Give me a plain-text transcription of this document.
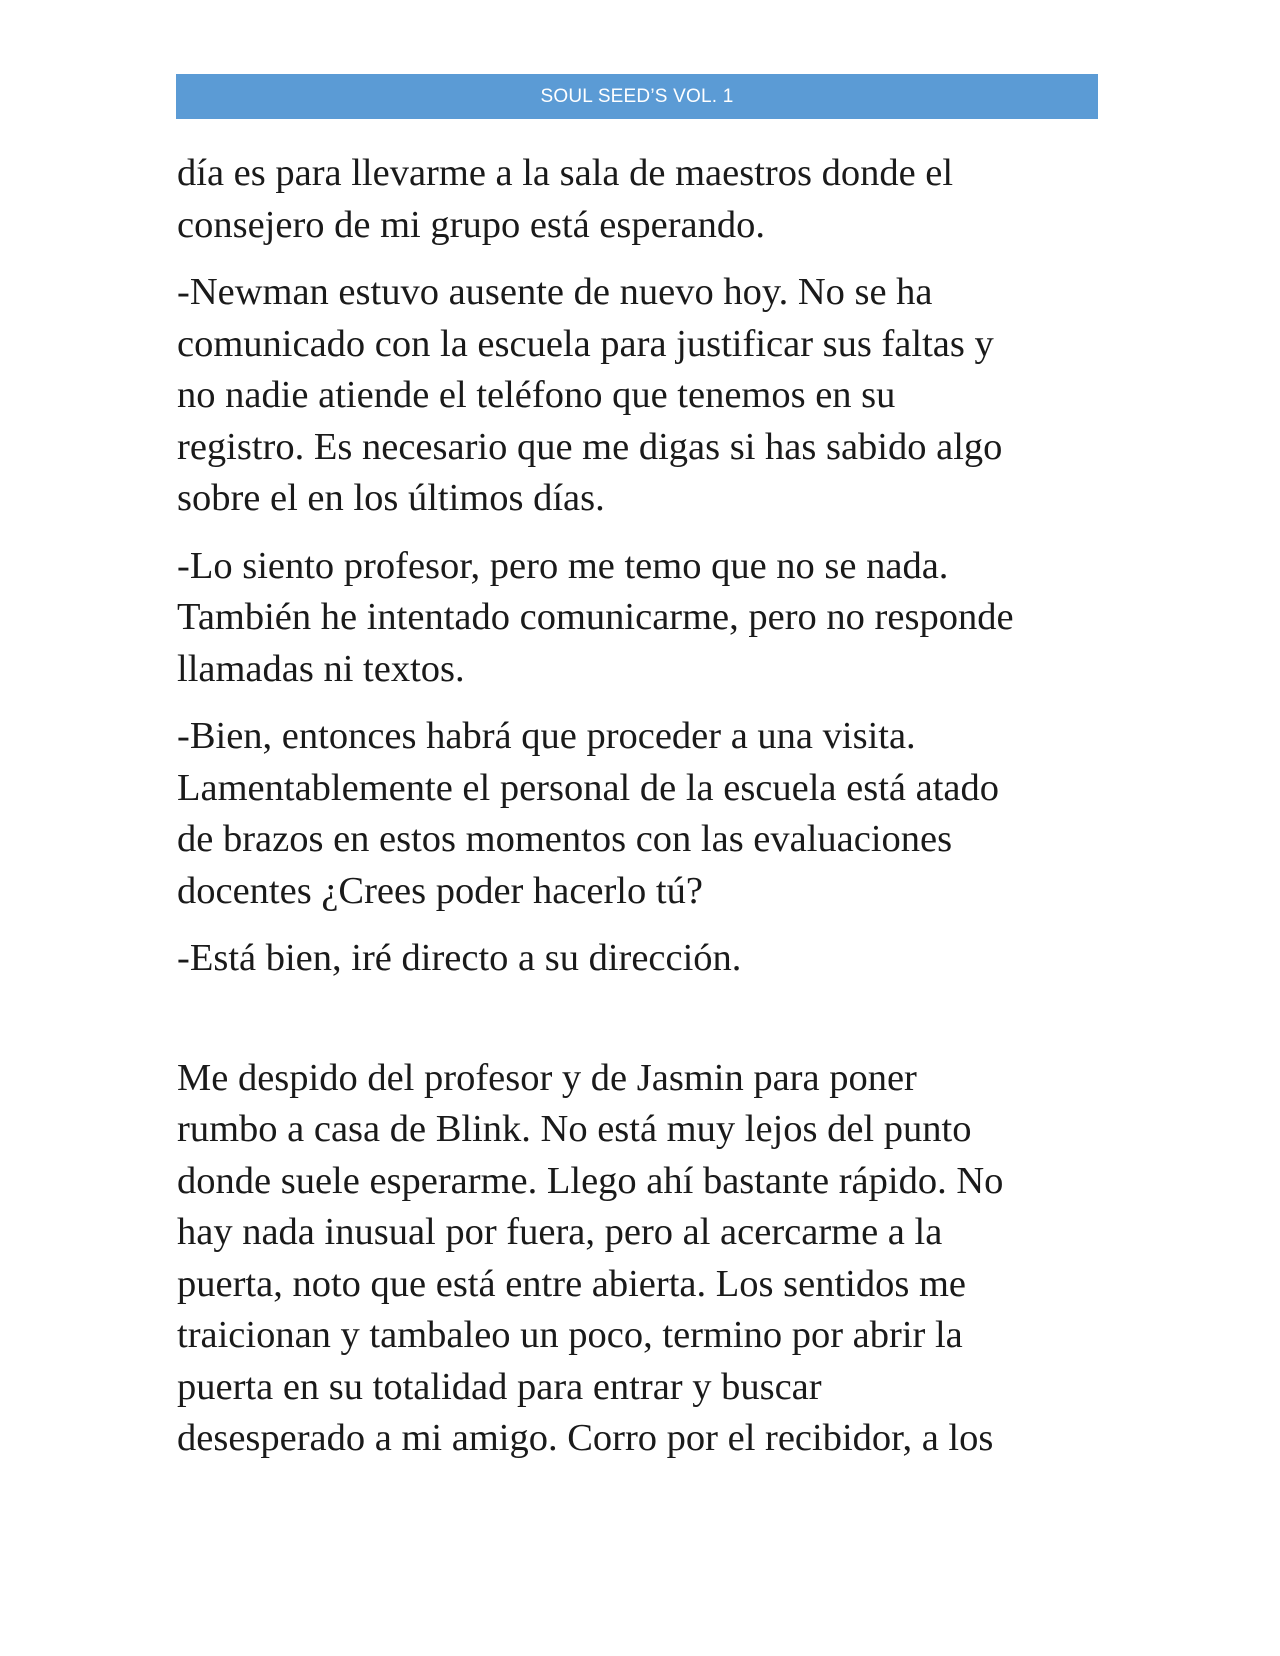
SOUL SEED’S VOL. 1

día es para llevarme a la sala de maestros donde el
consejero de mi grupo está esperando.

-Newman estuvo ausente de nuevo hoy. No se ha
comunicado con la escuela para justificar sus faltas y
no nadie atiende el teléfono que tenemos en su
registro. Es necesario que me digas si has sabido algo
sobre el en los últimos días.

-Lo siento profesor, pero me temo que no se nada.
También he intentado comunicarme, pero no responde
llamadas ni textos.

-Bien, entonces habrá que proceder a una visita.
Lamentablemente el personal de la escuela está atado
de brazos en estos momentos con las evaluaciones
docentes ¿Crees poder hacerlo tú?

-Está bien, iré directo a su dirección.

Me despido del profesor y de Jasmin para poner
rumbo a casa de Blink. No está muy lejos del punto
donde suele esperarme. Llego ahí bastante rápido. No
hay nada inusual por fuera, pero al acercarme a la
puerta, noto que está entre abierta. Los sentidos me
traicionan y tambaleo un poco, termino por abrir la
puerta en su totalidad para entrar y buscar
desesperado a mi amigo. Corro por el recibidor, a los
